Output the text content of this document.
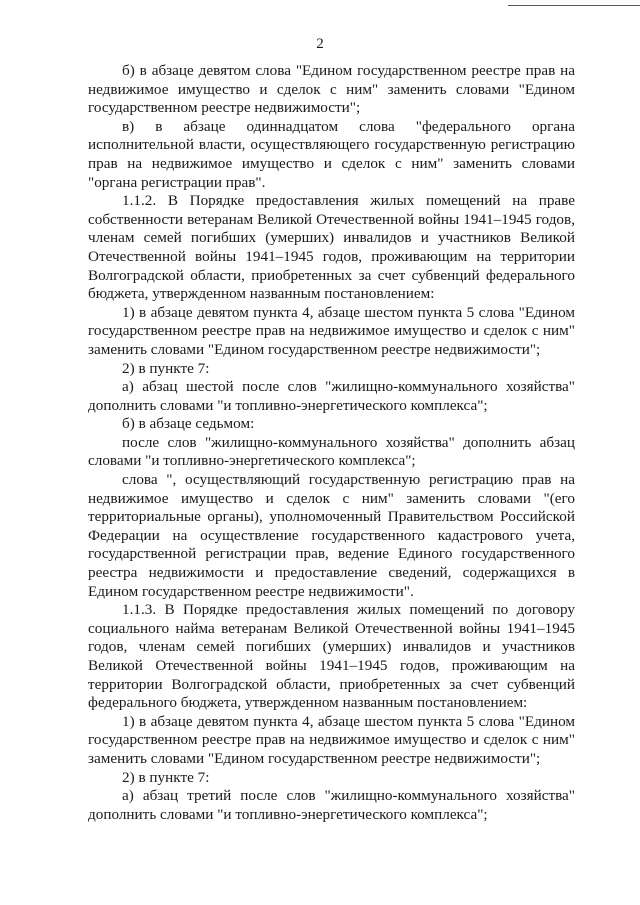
2

б) в абзаце девятом слова "Едином государственном реестре прав на недвижимое имущество и сделок с ним" заменить словами "Едином государственном реестре недвижимости";

в) в абзаце одиннадцатом слова "федерального органа исполнительной власти, осуществляющего государственную регистрацию прав на недвижимое имущество и сделок с ним" заменить словами "органа регистрации прав".

1.1.2. В Порядке предоставления жилых помещений на праве собственности ветеранам Великой Отечественной войны 1941–1945 годов, членам семей погибших (умерших) инвалидов и участников Великой Отечественной войны 1941–1945 годов, проживающим на территории Волгоградской области, приобретенных за счет субвенций федерального бюджета, утвержденном названным постановлением:

1) в абзаце девятом пункта 4, абзаце шестом пункта 5 слова "Едином государственном реестре прав на недвижимое имущество и сделок с ним" заменить словами "Едином государственном реестре недвижимости";

2) в пункте 7:

а) абзац шестой после слов "жилищно-коммунального хозяйства" дополнить словами "и топливно-энергетического комплекса";

б) в абзаце седьмом:

после слов "жилищно-коммунального хозяйства" дополнить абзац словами "и топливно-энергетического комплекса";

слова ", осуществляющий государственную регистрацию прав на недвижимое имущество и сделок с ним" заменить словами "(его территориальные органы), уполномоченный Правительством Российской Федерации на осуществление государственного кадастрового учета, государственной регистрации прав, ведение Единого государственного реестра недвижимости и предоставление сведений, содержащихся в Едином государственном реестре недвижимости".

1.1.3. В Порядке предоставления жилых помещений по договору социального найма ветеранам Великой Отечественной войны 1941–1945 годов, членам семей погибших (умерших) инвалидов и участников Великой Отечественной войны 1941–1945 годов, проживающим на территории Волгоградской области, приобретенных за счет субвенций федерального бюджета, утвержденном названным постановлением:

1) в абзаце девятом пункта 4, абзаце шестом пункта 5 слова "Едином государственном реестре прав на недвижимое имущество и сделок с ним" заменить словами "Едином государственном реестре недвижимости";

2) в пункте 7:

а) абзац третий после слов "жилищно-коммунального хозяйства" дополнить словами "и топливно-энергетического комплекса";
